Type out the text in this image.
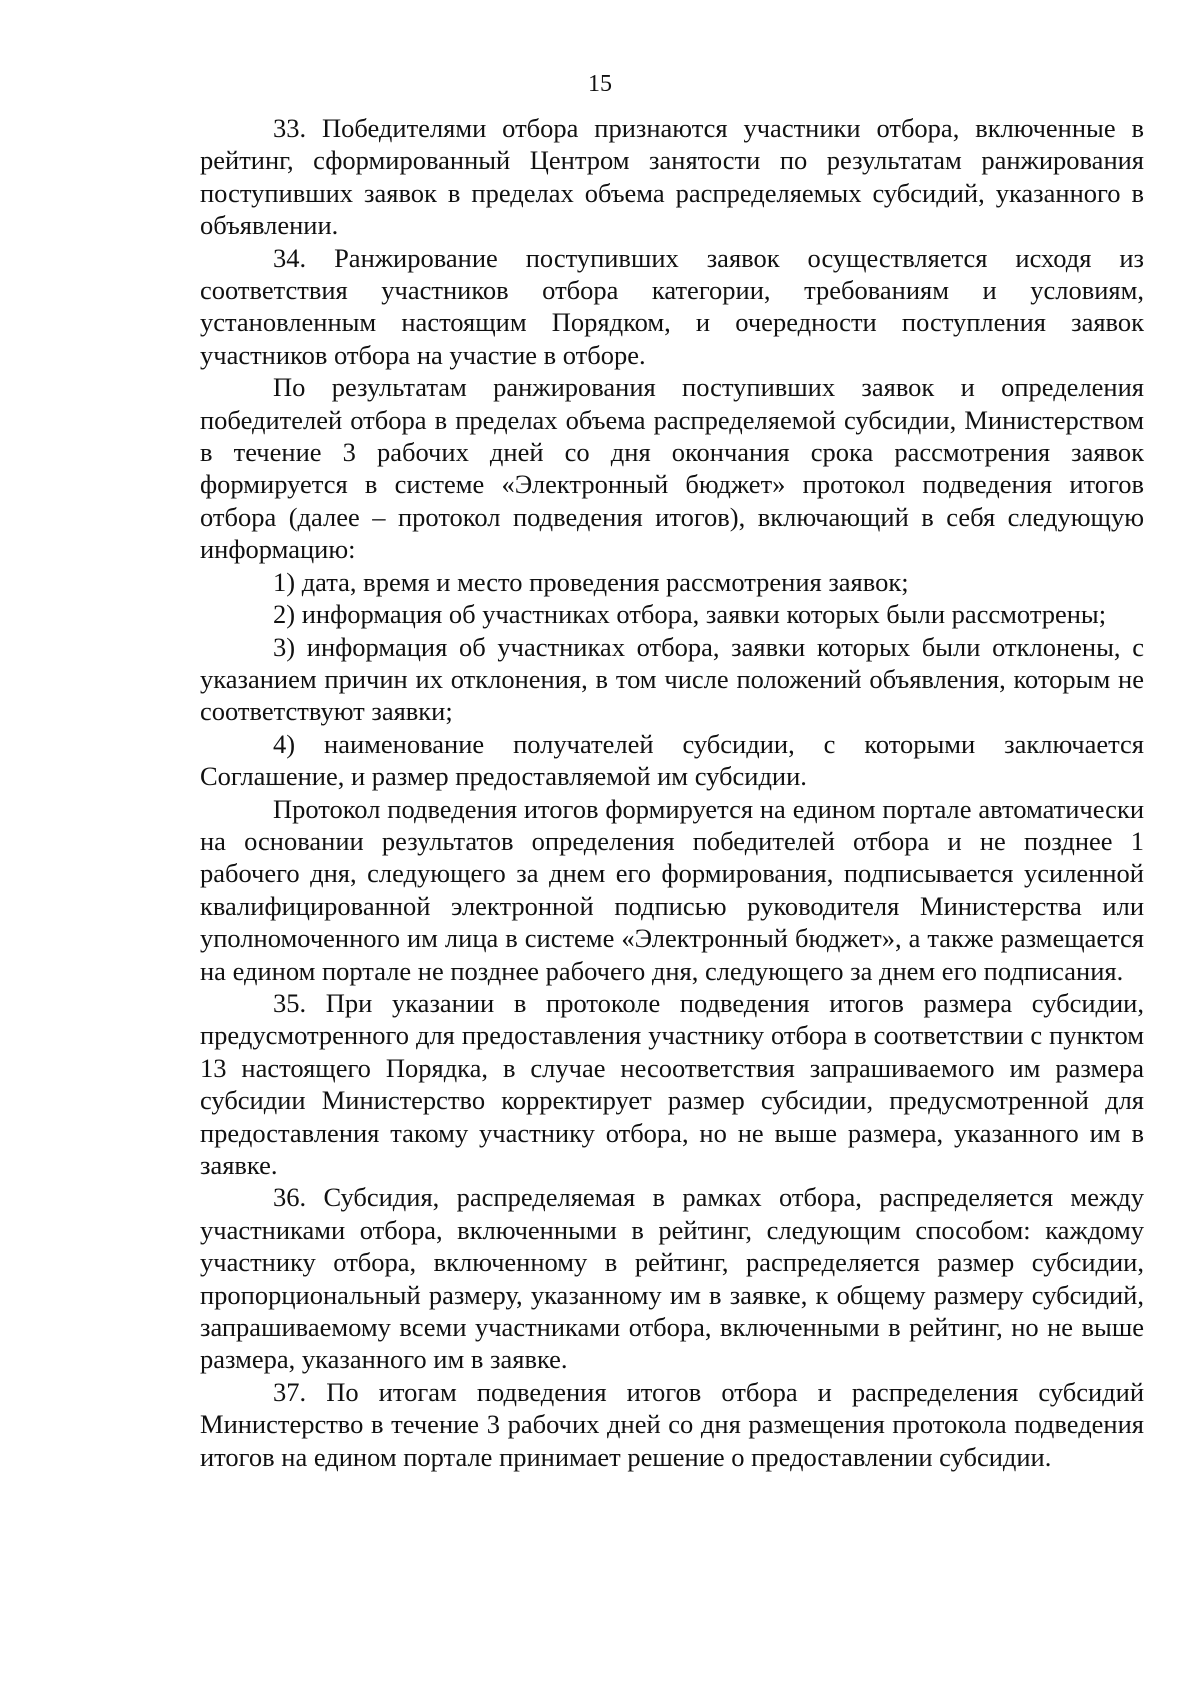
15

33. Победителями отбора признаются участники отбора, включенные в рейтинг, сформированный Центром занятости по результатам ранжирования поступивших заявок в пределах объема распределяемых субсидий, указанного в объявлении.

34. Ранжирование поступивших заявок осуществляется исходя из соответствия участников отбора категории, требованиям и условиям, установленным настоящим Порядком, и очередности поступления заявок участников отбора на участие в отборе.

По результатам ранжирования поступивших заявок и определения победителей отбора в пределах объема распределяемой субсидии, Министерством в течение 3 рабочих дней со дня окончания срока рассмотрения заявок формируется в системе «Электронный бюджет» протокол подведения итогов отбора (далее – протокол подведения итогов), включающий в себя следующую информацию:

1) дата, время и место проведения рассмотрения заявок;

2) информация об участниках отбора, заявки которых были рассмотрены;

3) информация об участниках отбора, заявки которых были отклонены, с указанием причин их отклонения, в том числе положений объявления, которым не соответствуют заявки;

4) наименование получателей субсидии, с которыми заключается Соглашение, и размер предоставляемой им субсидии.

Протокол подведения итогов формируется на едином портале автоматически на основании результатов определения победителей отбора и не позднее 1 рабочего дня, следующего за днем его формирования, подписывается усиленной квалифицированной электронной подписью руководителя Министерства или уполномоченного им лица в системе «Электронный бюджет», а также размещается на едином портале не позднее рабочего дня, следующего за днем его подписания.

35. При указании в протоколе подведения итогов размера субсидии, предусмотренного для предоставления участнику отбора в соответствии с пунктом 13 настоящего Порядка, в случае несоответствия запрашиваемого им размера субсидии Министерство корректирует размер субсидии, предусмотренной для предоставления такому участнику отбора, но не выше размера, указанного им в заявке.

36. Субсидия, распределяемая в рамках отбора, распределяется между участниками отбора, включенными в рейтинг, следующим способом: каждому участнику отбора, включенному в рейтинг, распределяется размер субсидии, пропорциональный размеру, указанному им в заявке, к общему размеру субсидий, запрашиваемому всеми участниками отбора, включенными в рейтинг, но не выше размера, указанного им в заявке.

37. По итогам подведения итогов отбора и распределения субсидий Министерство в течение 3 рабочих дней со дня размещения протокола подведения итогов на едином портале принимает решение о предоставлении субсидии.
